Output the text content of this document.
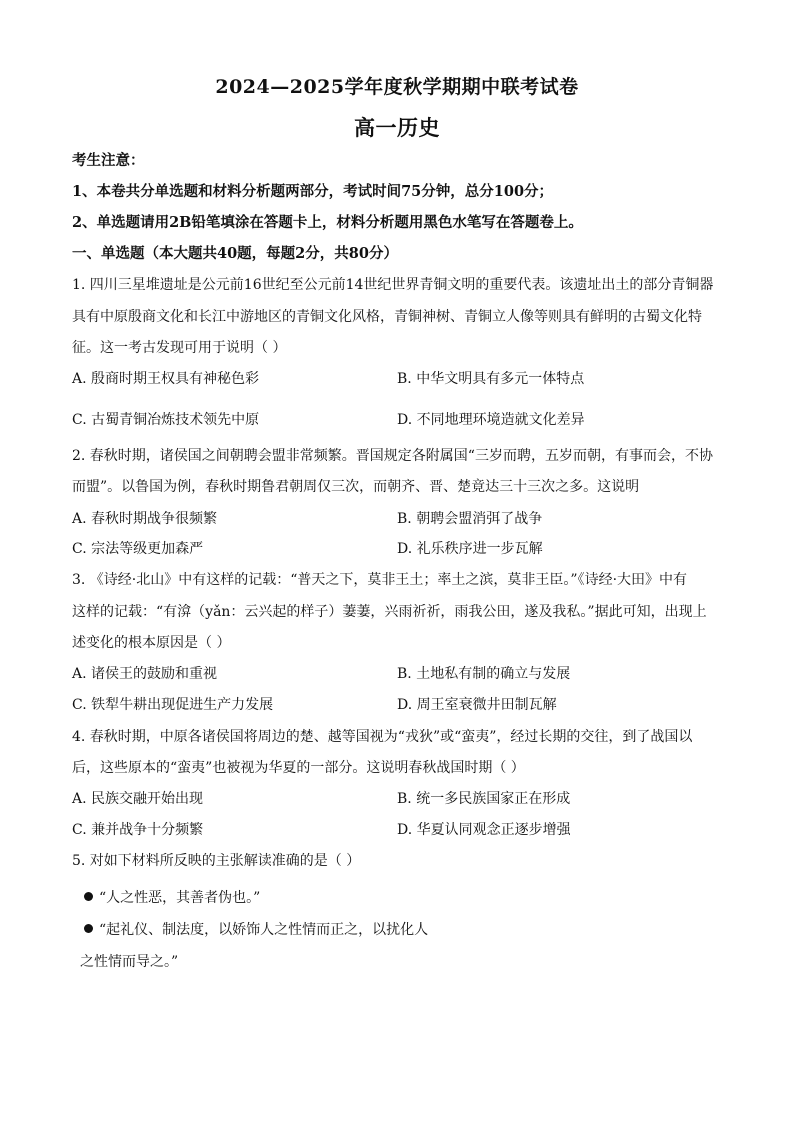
2024—2025学年度秋学期期中联考试卷
高一历史
考生注意：
1、本卷共分单选题和材料分析题两部分，考试时间75分钟，总分100分；
2、单选题请用2B铅笔填涂在答题卡上，材料分析题用黑色水笔写在答题卷上。
一、单选题（本大题共40题，每题2分，共80分）
1. 四川三星堆遗址是公元前16世纪至公元前14世纪世界青铜文明的重要代表。该遗址出土的部分青铜器
具有中原殷商文化和长江中游地区的青铜文化风格，青铜神树、青铜立人像等则具有鲜明的古蜀文化特
征。这一考古发现可用于说明（ ）
A. 殷商时期王权具有神秘色彩	B. 中华文明具有多元一体特点
C. 古蜀青铜冶炼技术领先中原	D. 不同地理环境造就文化差异
2. 春秋时期，诸侯国之间朝聘会盟非常频繁。晋国规定各附属国“三岁而聘，五岁而朝，有事而会，不协
而盟”。以鲁国为例，春秋时期鲁君朝周仅三次，而朝齐、晋、楚竟达三十三次之多。这说明
A. 春秋时期战争很频繁	B. 朝聘会盟消弭了战争
C. 宗法等级更加森严	D. 礼乐秩序进一步瓦解
3. 《诗经·北山》中有这样的记载：“普天之下，莫非王土；率土之滨，莫非王臣。”《诗经·大田》中有
这样的记载：“有渰（yǎn：云兴起的样子）萋萋，兴雨祈祈，雨我公田，遂及我私。”据此可知，出现上
述变化的根本原因是（ ）
A. 诸侯王的鼓励和重视	B. 土地私有制的确立与发展
C. 铁犁牛耕出现促进生产力发展	D. 周王室衰微井田制瓦解
4. 春秋时期，中原各诸侯国将周边的楚、越等国视为“戎狄”或“蛮夷”，经过长期的交往，到了战国以
后，这些原本的“蛮夷”也被视为华夏的一部分。这说明春秋战国时期（ ）
A. 民族交融开始出现	B. 统一多民族国家正在形成
C. 兼并战争十分频繁	D. 华夏认同观念正逐步增强
5. 对如下材料所反映的主张解读准确的是（ ）
“人之性恶，其善者伪也。”
“起礼仪、制法度，以娇饰人之性情而正之，以扰化人
之性情而导之。”
